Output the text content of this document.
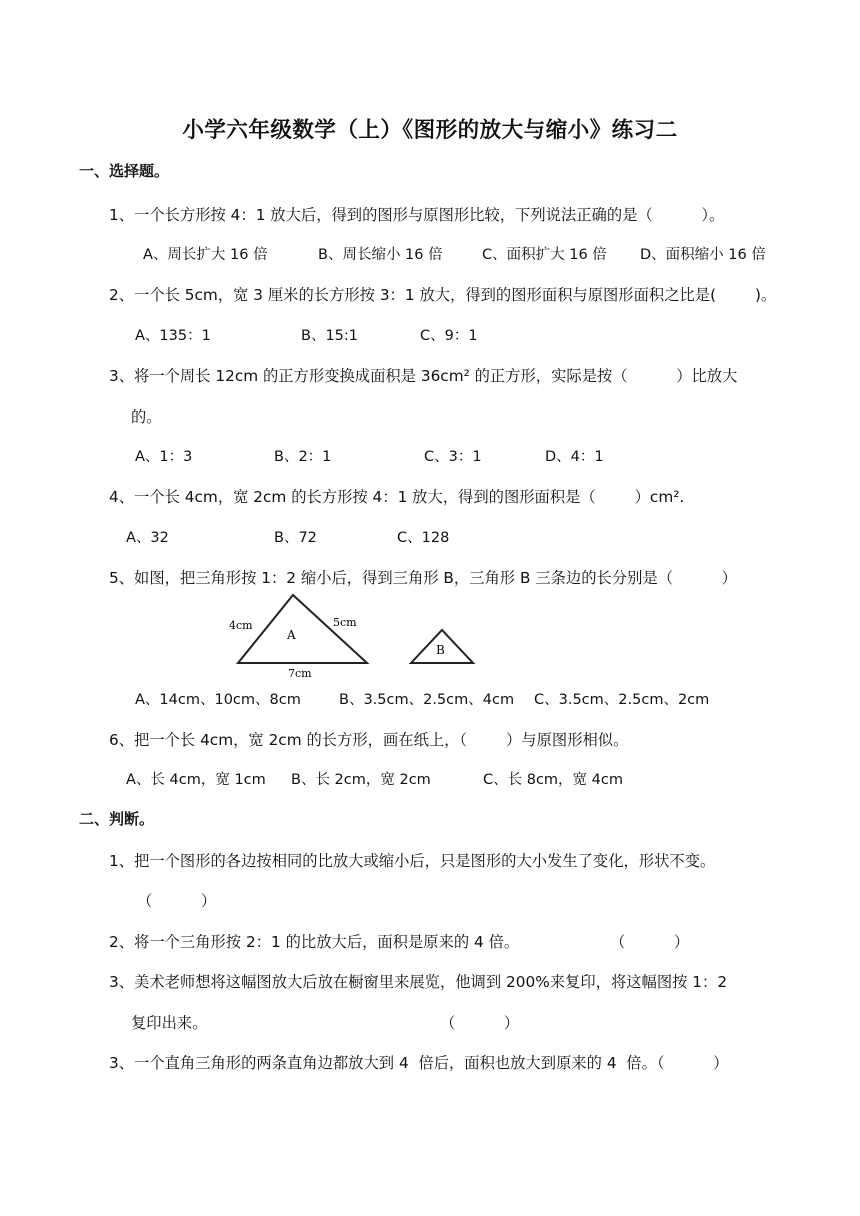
小学六年级数学（上）《图形的放大与缩小》练习二
一、选择题。
1、一个长方形按 4：1 放大后，得到的图形与原图形比较，下列说法正确的是（          ）。
A、周长扩大 16 倍	B、周长缩小 16 倍	C、面积扩大 16 倍 D、面积缩小 16 倍
2、一个长 5cm，宽 3 厘米的长方形按 3：1 放大，得到的图形面积与原图形面积之比是(        )。
A、135：1	B、15:1	C、9：1
3、将一个周长 12cm 的正方形变换成面积是 36cm² 的正方形，实际是按（          ）比放大
的。
A、1：3	B、2：1	C、3：1	D、4：1
4、一个长 4cm，宽 2cm 的长方形按 4：1 放大，得到的图形面积是（        ）cm².
A、32	B、72	C、128
5、如图，把三角形按 1：2 缩小后，得到三角形 B，三角形 B 三条边的长分别是（          ）
4cm	5cm
A
7cm
B
A、14cm、10cm、8cm	B、3.5cm、2.5cm、4cm C、3.5cm、2.5cm、2cm
6、把一个长 4cm，宽 2cm 的长方形，画在纸上，（        ）与原图形相似。
A、长 4cm，宽 1cm B、长 2cm，宽 2cm	C、长 8cm，宽 4cm
二、判断。
1、把一个图形的各边按相同的比放大或缩小后，只是图形的大小发生了变化，形状不变。
（          ）
2、将一个三角形按 2：1 的比放大后，面积是原来的 4 倍。	（          ）
3、美术老师想将这幅图放大后放在橱窗里来展览，他调到 200%来复印，将这幅图按 1：2
复印出来。	（          ）
3、一个直角三角形的两条直角边都放大到 4  倍后，面积也放大到原来的 4  倍。（          ）
